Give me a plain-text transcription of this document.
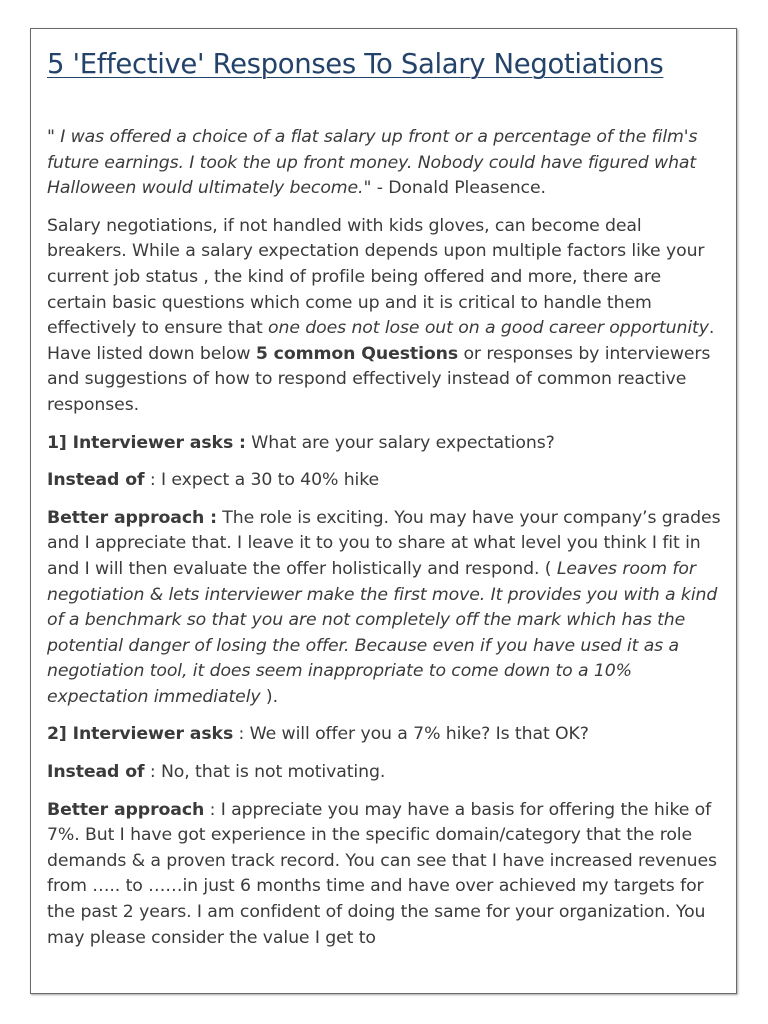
5 'Effective' Responses To Salary Negotiations

" I was offered a choice of a flat salary up front or a percentage of the film's future earnings. I took the up front money. Nobody could have figured what Halloween would ultimately become." - Donald Pleasence.

Salary negotiations, if not handled with kids gloves, can become deal breakers. While a salary expectation depends upon multiple factors like your current job status , the kind of profile being offered and more, there are certain basic questions which come up and it is critical to handle them effectively to ensure that one does not lose out on a good career opportunity. Have listed down below 5 common Questions or responses by interviewers and suggestions of how to respond effectively instead of common reactive responses.

1] Interviewer asks : What are your salary expectations?

Instead of : I expect a 30 to 40% hike

Better approach : The role is exciting. You may have your company’s grades and I appreciate that. I leave it to you to share at what level you think I fit in and I will then evaluate the offer holistically and respond. ( Leaves room for negotiation & lets interviewer make the first move. It provides you with a kind of a benchmark so that you are not completely off the mark which has the potential danger of losing the offer. Because even if you have used it as a negotiation tool, it does seem inappropriate to come down to a 10% expectation immediately ).

2] Interviewer asks : We will offer you a 7% hike? Is that OK?

Instead of : No, that is not motivating.

Better approach : I appreciate you may have a basis for offering the hike of 7%. But I have got experience in the specific domain/category that the role demands & a proven track record. You can see that I have increased revenues from ….. to ……in just 6 months time and have over achieved my targets for the past 2 years. I am confident of doing the same for your organization. You may please consider the value I get to
